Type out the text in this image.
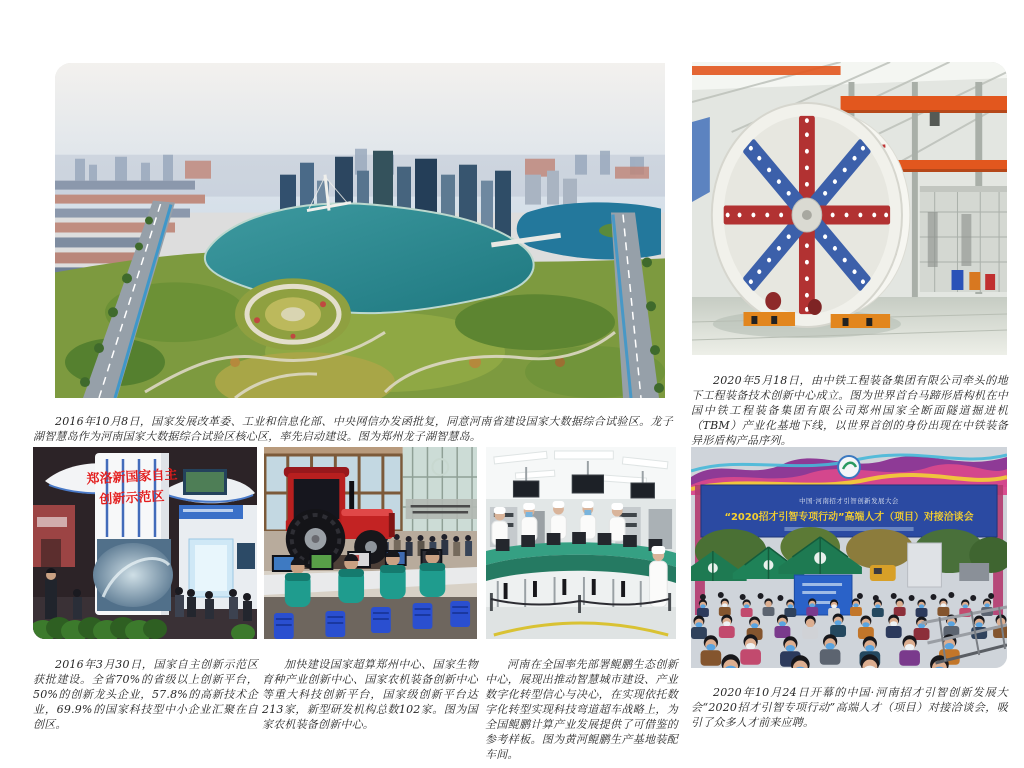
郑洛新国家自主
创新示范区	中国·河南招才引智创新发展大会
“2020招才引智专项行动”高端人才（项目）对接洽谈会

2016年10月8日，国家发展改革委、工业和信息化部、中央网信办发函批复，同意河南省建设国家大数据综合试验区。龙子湖智慧岛作为河南国家大数据综合试验区核心区，率先启动建设。图为郑州龙子湖智慧岛。

2020年5月18日，由中铁工程装备集团有限公司牵头的地下工程装备技术创新中心成立。图为世界首台马蹄形盾构机在中国中铁工程装备集团有限公司郑州国家全断面隧道掘进机（TBM）产业化基地下线，以世界首创的身份出现在中铁装备异形盾构产品序列。

2016年3月30日，国家自主创新示范区获批建设。全省70%的省级以上创新平台，50%的创新龙头企业，57.8%的高新技术企业，69.9%的国家科技型中小企业汇聚在自创区。

加快建设国家超算郑州中心、国家生物育种产业创新中心、国家农机装备创新中心等重大科技创新平台，国家级创新平台达213家，新型研发机构总数102家。图为国家农机装备创新中心。

河南在全国率先部署鲲鹏生态创新中心，展现出推动智慧城市建设、产业数字化转型信心与决心，在实现依托数字化转型实现科技弯道超车战略上，为全国鲲鹏计算产业发展提供了可借鉴的参考样板。图为黄河鲲鹏生产基地装配车间。

2020年10月24日开幕的中国·河南招才引智创新发展大会“2020招才引智专项行动”高端人才（项目）对接洽谈会，吸引了众多人才前来应聘。
